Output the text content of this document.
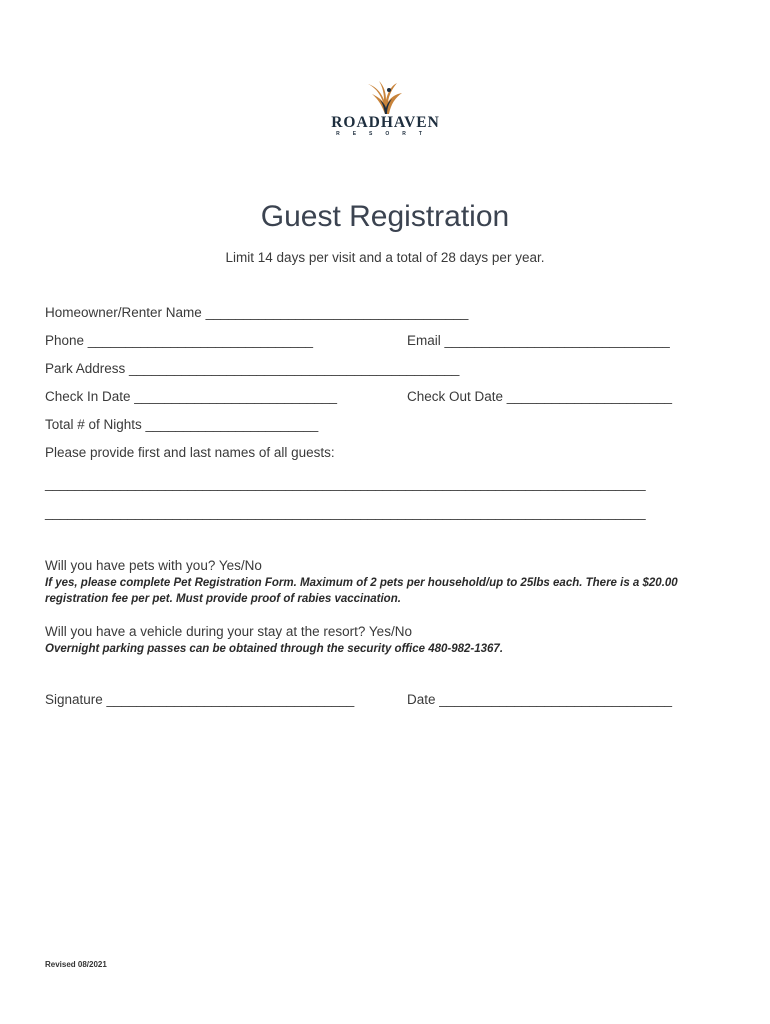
ROADHAVEN
RESORT
Guest Registration
Limit 14 days per visit and a total of 28 days per year.
Homeowner/Renter Name ___________________________________
Phone ______________________________	Email ______________________________
Park Address ____________________________________________
Check In Date ___________________________	Check Out Date ______________________
Total # of Nights _______________________
Please provide first and last names of all guests:
________________________________________________________________________________
________________________________________________________________________________
Will you have pets with you? Yes/No
If yes, please complete Pet Registration Form. Maximum of 2 pets per household/up to 25lbs each. There is a $20.00 registration fee per pet. Must provide proof of rabies vaccination.
Will you have a vehicle during your stay at the resort? Yes/No
Overnight parking passes can be obtained through the security office 480-982-1367.
Signature _________________________________	Date _______________________________
Revised 08/2021
